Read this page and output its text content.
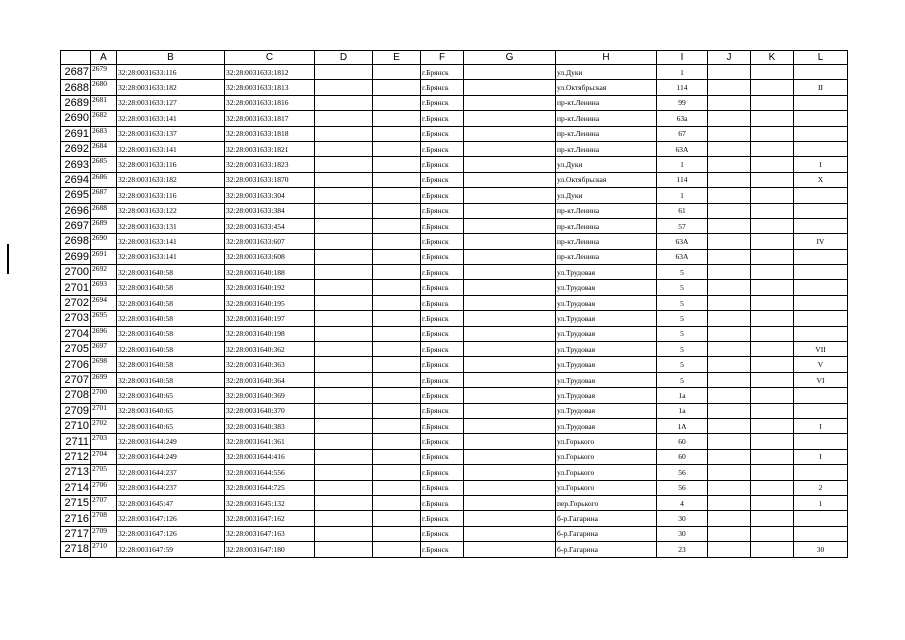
	A	B	C	D	E	F	G	H	I	J	K	L
2687	2679	32:28:0031633:116	32:28:0031633:1812			г.Брянск		ул.Дуки	1			
2688	2680	32:28:0031633:182	32:28:0031633:1813			г.Брянск		ул.Октябрьская	114			II
2689	2681	32:28:0031633:127	32:28:0031633:1816			г.Брянск		пр-кт.Ленина	99			
2690	2682	32:28:0031633:141	32:28:0031633:1817			г.Брянск		пр-кт.Ленина	63а			
2691	2683	32:28:0031633:137	32:28:0031633:1818			г.Брянск		пр-кт.Ленина	67			
2692	2684	32:28:0031633:141	32:28:0031633:1821			г.Брянск		пр-кт.Ленина	63А			
2693	2685	32:28:0031633:116	32:28:0031633:1823			г.Брянск		ул.Дуки	1			I
2694	2686	32:28:0031633:182	32:28:0031633:1870			г.Брянск		ул.Октябрьская	114			X
2695	2687	32:28:0031633:116	32:28:0031633:304			г.Брянск		ул.Дуки	1			
2696	2688	32:28:0031633:122	32:28:0031633:384			г.Брянск		пр-кт.Ленина	61			
2697	2689	32:28:0031633:131	32:28:0031633:454			г.Брянск		пр-кт.Ленина	57			
2698	2690	32:28:0031633:141	32:28:0031633:607			г.Брянск		пр-кт.Ленина	63А			IV
2699	2691	32:28:0031633:141	32:28:0031633:608			г.Брянск		пр-кт.Ленина	63А			
2700	2692	32:28:0031640:58	32:28:0031640:188			г.Брянск		ул.Трудовая	5			
2701	2693	32:28:0031640:58	32:28:0031640:192			г.Брянск		ул.Трудовая	5			
2702	2694	32:28:0031640:58	32:28:0031640:195			г.Брянск		ул.Трудовая	5			
2703	2695	32:28:0031640:58	32:28:0031640:197			г.Брянск		ул.Трудовая	5			
2704	2696	32:28:0031640:58	32:28:0031640:198			г.Брянск		ул.Трудовая	5			
2705	2697	32:28:0031640:58	32:28:0031640:362			г.Брянск		ул.Трудовая	5			VII
2706	2698	32:28:0031640:58	32:28:0031640:363			г.Брянск		ул.Трудовая	5			V
2707	2699	32:28:0031640:58	32:28:0031640:364			г.Брянск		ул.Трудовая	5			VI
2708	2700	32:28:0031640:65	32:28:0031640:369			г.Брянск		ул.Трудовая	1а			
2709	2701	32:28:0031640:65	32:28:0031640:370			г.Брянск		ул.Трудовая	1а			
2710	2702	32:28:0031640:65	32:28:0031640:383			г.Брянск		ул.Трудовая	1А			I
2711	2703	32:28:0031644:249	32:28:0031641:361			г.Брянск		ул.Горького	60			
2712	2704	32:28:0031644:249	32:28:0031644:416			г.Брянск		ул.Горького	60			I
2713	2705	32:28:0031644:237	32:28:0031644:556			г.Брянск		ул.Горького	56			
2714	2706	32:28:0031644:237	32:28:0031644:725			г.Брянск		ул.Горького	56			2
2715	2707	32:28:0031645:47	32:28:0031645:132			г.Брянск		пер.Горького	4			1
2716	2708	32:28:0031647:126	32:28:0031647:162			г.Брянск		б-р.Гагарина	30			
2717	2709	32:28:0031647:126	32:28:0031647:163			г.Брянск		б-р.Гагарина	30			
2718	2710	32:28:0031647:59	32:28:0031647:180			г.Брянск		б-р.Гагарина	23			30
